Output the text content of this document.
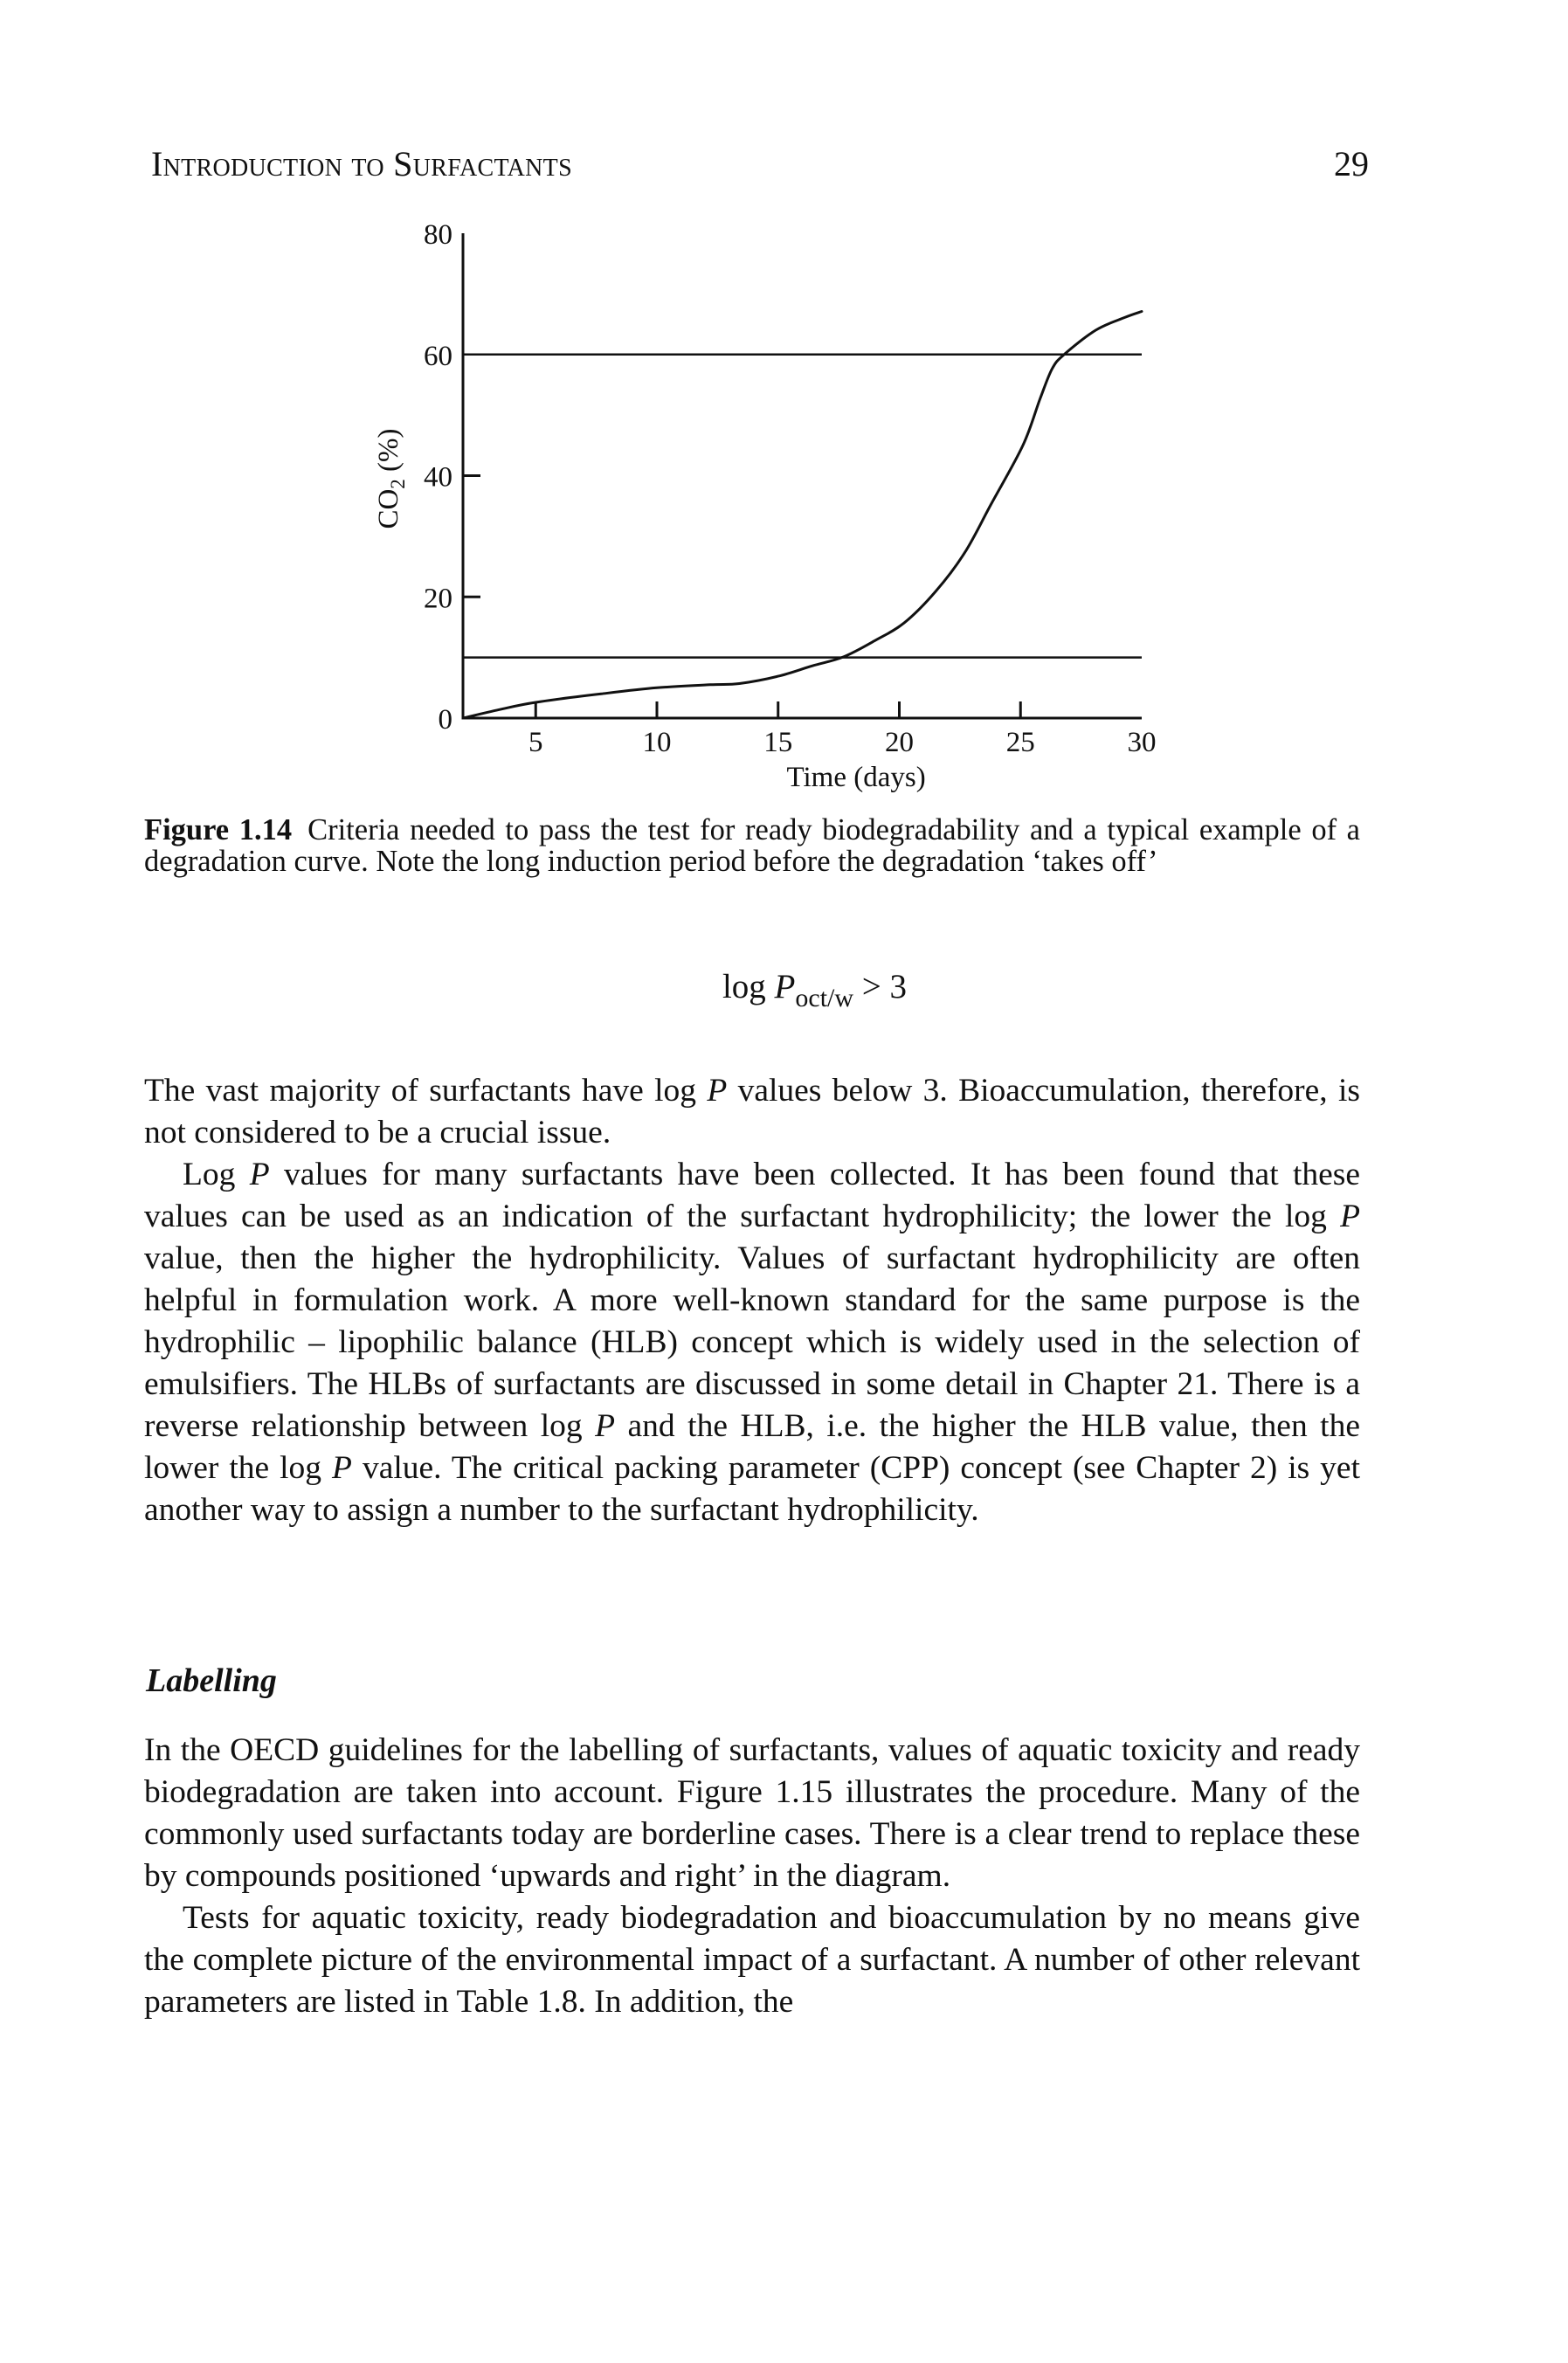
Introduction to Surfactants	29
5	10	15	20	25	30
0
20
40
60
80
Time (days)
$CO_2$ (%)
Figure 1.14 Criteria needed to pass the test for ready biodegradability and a typical example of a degradation curve. Note the long induction period before the degradation ‘takes off’
$\log P_{oct/w} > 3$

The vast majority of surfactants have log P values below 3. Bioaccumulation, therefore, is not considered to be a crucial issue.

Log P values for many surfactants have been collected. It has been found that these values can be used as an indication of the surfactant hydrophilicity; the lower the log P value, then the higher the hydrophilicity. Values of surfactant hydrophilicity are often helpful in formulation work. A more well-known standard for the same purpose is the hydrophilic – lipophilic balance (HLB) concept which is widely used in the selection of emulsifiers. The HLBs of surfactants are discussed in some detail in Chapter 21. There is a reverse relationship between log P and the HLB, i.e. the higher the HLB value, then the lower the log P value. The critical packing parameter (CPP) concept (see Chapter 2) is yet another way to assign a number to the surfactant hydrophilicity.

Labelling

In the OECD guidelines for the labelling of surfactants, values of aquatic toxicity and ready biodegradation are taken into account. Figure 1.15 illustrates the procedure. Many of the commonly used surfactants today are borderline cases. There is a clear trend to replace these by compounds positioned ‘upwards and right’ in the diagram.

Tests for aquatic toxicity, ready biodegradation and bioaccumulation by no means give the complete picture of the environmental impact of a surfactant. A number of other relevant parameters are listed in Table 1.8. In addition, the
